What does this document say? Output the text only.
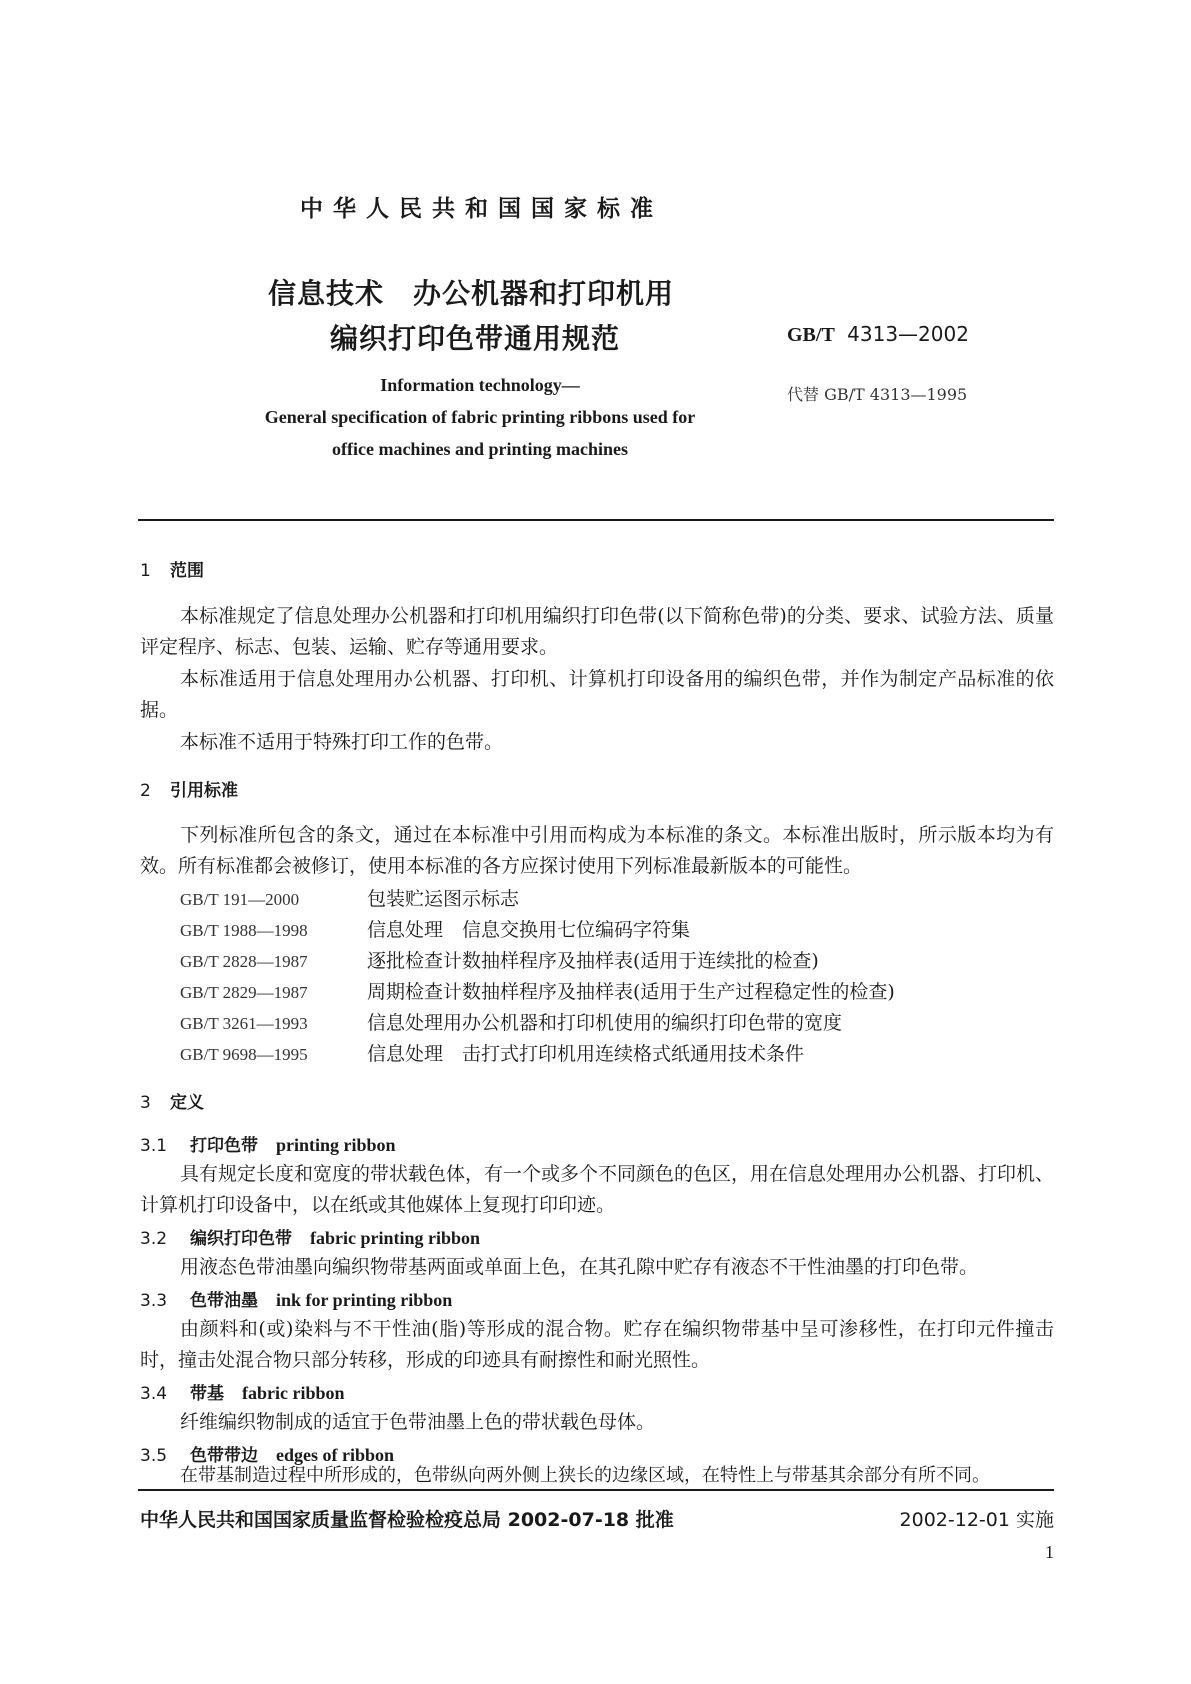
中华人民共和国国家标准
信息技术　办公机器和打印机用
编织打印色带通用规范	GB/T 4313—2002
代替 GB/T 4313—1995
Information technology—
General specification of fabric printing ribbons used for
office machines and printing machines
1 范围
本标准规定了信息处理办公机器和打印机用编织打印色带(以下简称色带)的分类、要求、试验方法、质量评定程序、标志、包装、运输、贮存等通用要求。
本标准适用于信息处理用办公机器、打印机、计算机打印设备用的编织色带，并作为制定产品标准的依据。
本标准不适用于特殊打印工作的色带。
2 引用标准
下列标准所包含的条文，通过在本标准中引用而构成为本标准的条文。本标准出版时，所示版本均为有效。所有标准都会被修订，使用本标准的各方应探讨使用下列标准最新版本的可能性。
GB/T 191—2000	包装贮运图示标志
GB/T 1988—1998	信息处理　信息交换用七位编码字符集
GB/T 2828—1987	逐批检查计数抽样程序及抽样表(适用于连续批的检查)
GB/T 2829—1987	周期检查计数抽样程序及抽样表(适用于生产过程稳定性的检查)
GB/T 3261—1993	信息处理用办公机器和打印机使用的编织打印色带的宽度
GB/T 9698—1995	信息处理　击打式打印机用连续格式纸通用技术条件
3 定义
3.1 打印色带 printing ribbon
具有规定长度和宽度的带状载色体，有一个或多个不同颜色的色区，用在信息处理用办公机器、打印机、计算机打印设备中，以在纸或其他媒体上复现打印印迹。
3.2 编织打印色带 fabric printing ribbon
用液态色带油墨向编织物带基两面或单面上色，在其孔隙中贮存有液态不干性油墨的打印色带。
3.3 色带油墨 ink for printing ribbon
由颜料和(或)染料与不干性油(脂)等形成的混合物。贮存在编织物带基中呈可渗移性，在打印元件撞击时，撞击处混合物只部分转移，形成的印迹具有耐擦性和耐光照性。
3.4 带基 fabric ribbon
纤维编织物制成的适宜于色带油墨上色的带状载色母体。
3.5 色带带边 edges of ribbon
在带基制造过程中所形成的，色带纵向两外侧上狭长的边缘区域，在特性上与带基其余部分有所不同。
中华人民共和国国家质量监督检验检疫总局 2002-07-18 批准	2002-12-01 实施
1
